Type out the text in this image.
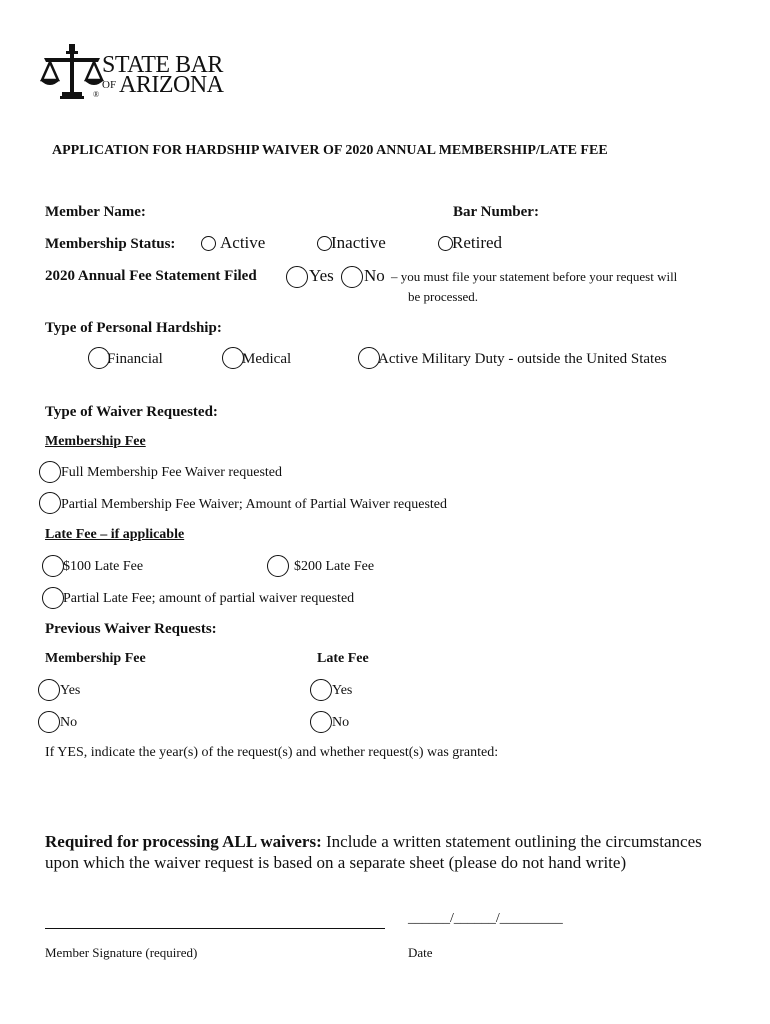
STATE BAR
OF ARIZONA
®
APPLICATION FOR HARDSHIP WAIVER OF 2020 ANNUAL MEMBERSHIP/LATE FEE
Member Name:	Bar Number:
Membership Status:	Active	Inactive	Retired
2020 Annual Fee Statement Filed	Yes No – you must file your statement before your request will
be processed.
Type of Personal Hardship:
Financial	Medical	Active Military Duty - outside the United States
Type of Waiver Requested:
Membership Fee
Full Membership Fee Waiver requested
Partial Membership Fee Waiver; Amount of Partial Waiver requested
Late Fee – if applicable
$100 Late Fee	$200 Late Fee
Partial Late Fee; amount of partial waiver requested
Previous Waiver Requests:
Membership Fee	Late Fee
Yes	Yes
No	No
If YES, indicate the year(s) of the request(s) and whether request(s) was granted:
Required for processing ALL waivers: Include a written statement outlining the circumstances
upon which the waiver request is based on a separate sheet (please do not hand write)
______/______/_________
Member Signature (required)	Date
